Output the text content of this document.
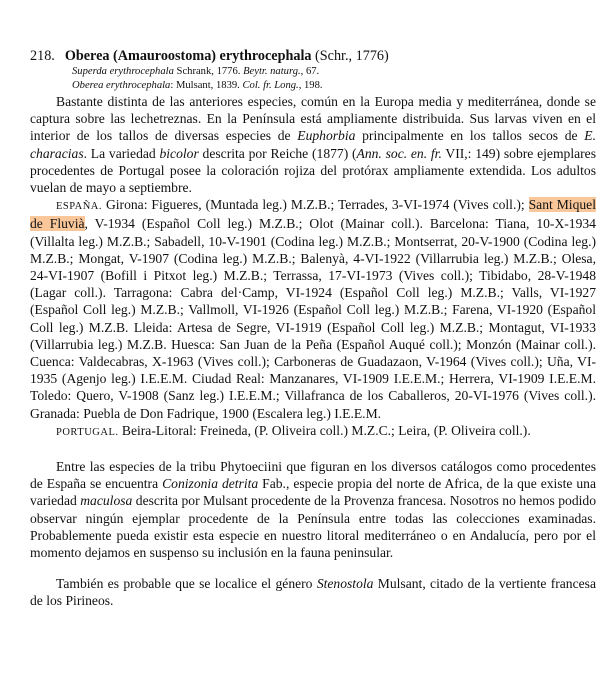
218. Oberea (Amauroostoma) erythrocephala (Schr., 1776)
Superda erythrocephala Schrank, 1776. Beytr. naturg., 67.
Oberea erythrocephala: Mulsant, 1839. Col. fr. Long., 198.

Bastante distinta de las anteriores especies, común en la Europa media y mediterránea, donde se captura sobre las lechetreznas. En la Península está ampliamente distribuida. Sus larvas viven en el interior de los tallos de diversas especies de Euphorbia principalmente en los tallos secos de E. characias. La variedad bicolor descrita por Reiche (1877) (Ann. soc. en. fr. VII,: 149) sobre ejemplares procedentes de Portugal posee la coloración rojiza del protórax ampliamente extendida. Los adultos vuelan de mayo a septiembre.

ESPAÑA. Girona: Figueres, (Muntada leg.) M.Z.B.; Terrades, 3-VI-1974 (Vives coll.); Sant Miquel de Fluvià, V-1934 (Español Coll leg.) M.Z.B.; Olot (Mainar coll.). Barcelona: Tiana, 10-X-1934 (Villalta leg.) M.Z.B.; Sabadell, 10-V-1901 (Codina leg.) M.Z.B.; Montserrat, 20-V-1900 (Codina leg.) M.Z.B.; Mongat, V-1907 (Codina leg.) M.Z.B.; Balenyà, 4-VI-1922 (Villarrubia leg.) M.Z.B.; Olesa, 24-VI-1907 (Bofill i Pitxot leg.) M.Z.B.; Terrassa, 17-VI-1973 (Vives coll.); Tibidabo, 28-V-1948 (Lagar coll.). Tarragona: Cabra del·Camp, VI-1924 (Español Coll leg.) M.Z.B.; Valls, VI-1927 (Español Coll leg.) M.Z.B.; Vallmoll, VI-1926 (Español Coll leg.) M.Z.B.; Farena, VI-1920 (Español Coll leg.) M.Z.B. Lleida: Artesa de Segre, VI-1919 (Español Coll leg.) M.Z.B.; Montagut, VI-1933 (Villarrubia leg.) M.Z.B. Huesca: San Juan de la Peña (Español Auqué coll.); Monzón (Mainar coll.). Cuenca: Valdecabras, X-1963 (Vives coll.); Carboneras de Guadazaon, V-1964 (Vives coll.); Uña, VI-1935 (Agenjo leg.) I.E.E.M. Ciudad Real: Manzanares, VI-1909 I.E.E.M.; Herrera, VI-1909 I.E.E.M. Toledo: Quero, V-1908 (Sanz leg.) I.E.E.M.; Villafranca de los Caballeros, 20-VI-1976 (Vives coll.). Granada: Puebla de Don Fadrique, 1900 (Escalera leg.) I.E.E.M.

PORTUGAL. Beira-Litoral: Freineda, (P. Oliveira coll.) M.Z.C.; Leira, (P. Oliveira coll.).

Entre las especies de la tribu Phytoeciini que figuran en los diversos catálogos como procedentes de España se encuentra Conizonia detrita Fab., especie propia del norte de Africa, de la que existe una variedad maculosa descrita por Mulsant procedente de la Provenza francesa. Nosotros no hemos podido observar ningún ejemplar procedente de la Península entre todas las colecciones examinadas. Probablemente pueda existir esta especie en nuestro litoral mediterráneo o en Andalucía, pero por el momento dejamos en suspenso su inclusión en la fauna peninsular.

También es probable que se localice el género Stenostola Mulsant, citado de la vertiente francesa de los Pirineos.
